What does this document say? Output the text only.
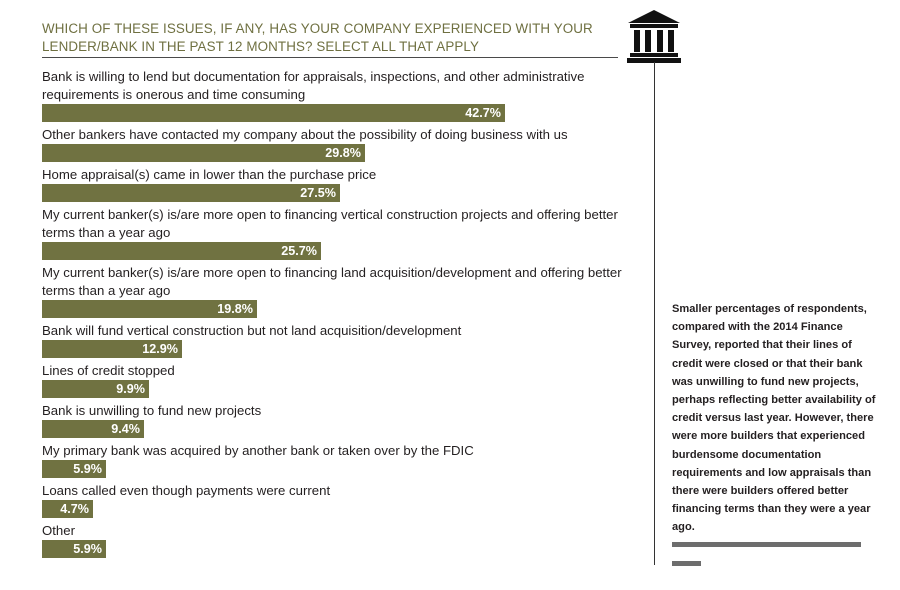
WHICH OF THESE ISSUES, IF ANY, HAS YOUR COMPANY EXPERIENCED WITH YOUR LENDER/BANK IN THE PAST 12 MONTHS? SELECT ALL THAT APPLY
Bank is willing to lend but documentation for appraisals, inspections, and other administrative requirements is onerous and time consuming
42.7%
Other bankers have contacted my company about the possibility of doing business with us
29.8%
Home appraisal(s) came in lower than the purchase price
27.5%
My current banker(s) is/are more open to financing vertical construction projects and offering better terms than a year ago
25.7%
My current banker(s) is/are more open to financing land acquisition/development and offering better terms than a year ago
19.8%
Bank will fund vertical construction but not land acquisition/development
12.9%
Lines of credit stopped
9.9%
Bank is unwilling to fund new projects
9.4%
My primary bank was acquired by another bank or taken over by the FDIC
5.9%
Loans called even though payments were current
4.7%
Other
5.9%
Smaller percentages of respondents, compared with the 2014 Finance Survey, reported that their lines of credit were closed or that their bank was unwilling to fund new projects, perhaps reflecting better availability of credit versus last year. However, there were more builders that experienced burdensome documentation requirements and low appraisals than there were builders offered better financing terms than they were a year ago.
